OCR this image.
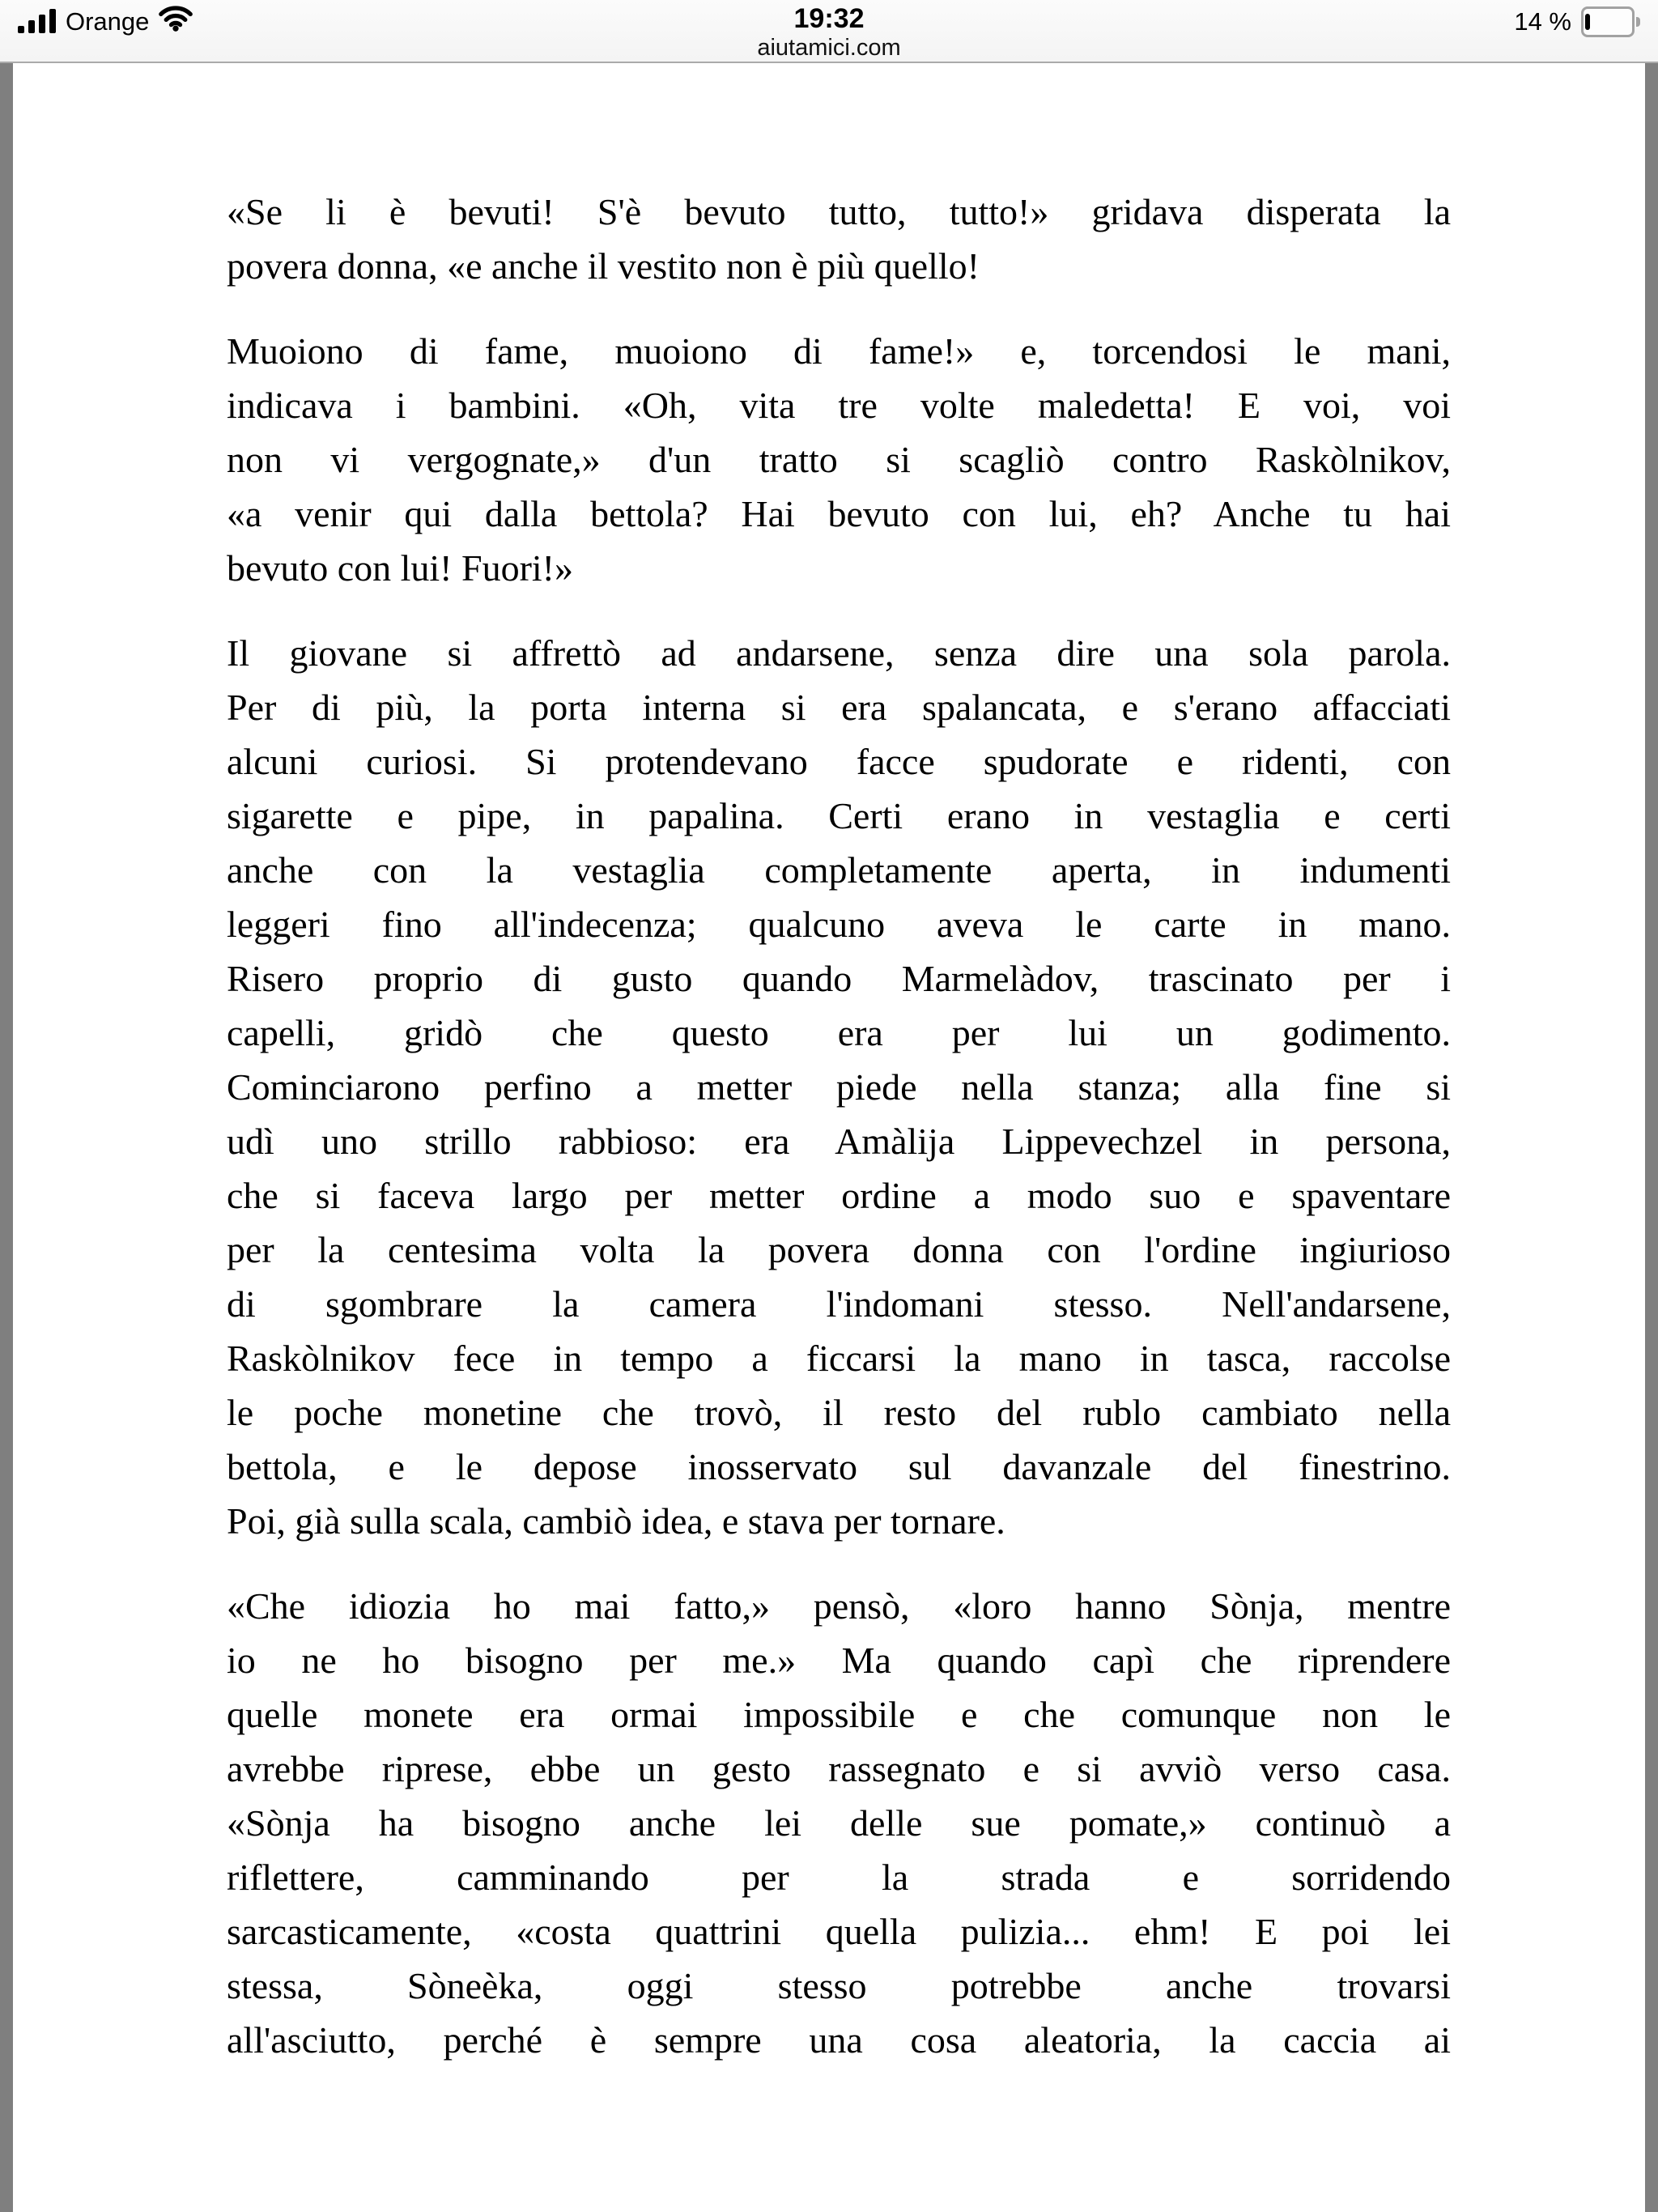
Orange	19:32
aiutamici.com
14 %
«Se li è bevuti! S'è bevuto tutto, tutto!» gridava disperata la
povera donna, «e anche il vestito non è più quello!
Muoiono di fame, muoiono di fame!» e, torcendosi le mani,
indicava i bambini. «Oh, vita tre volte maledetta! E voi, voi
non vi vergognate,» d'un tratto si scagliò contro Raskòlnikov,
«a venir qui dalla bettola? Hai bevuto con lui, eh? Anche tu hai
bevuto con lui! Fuori!»
Il giovane si affrettò ad andarsene, senza dire una sola parola.
Per di più, la porta interna si era spalancata, e s'erano affacciati
alcuni curiosi. Si protendevano facce spudorate e ridenti, con
sigarette e pipe, in papalina. Certi erano in vestaglia e certi
anche con la vestaglia completamente aperta, in indumenti
leggeri fino all'indecenza; qualcuno aveva le carte in mano.
Risero proprio di gusto quando Marmelàdov, trascinato per i
capelli, gridò che questo era per lui un godimento.
Cominciarono perfino a metter piede nella stanza; alla fine si
udì uno strillo rabbioso: era Amàlija Lippevechzel in persona,
che si faceva largo per metter ordine a modo suo e spaventare
per la centesima volta la povera donna con l'ordine ingiurioso
di sgombrare la camera l'indomani stesso. Nell'andarsene,
Raskòlnikov fece in tempo a ficcarsi la mano in tasca, raccolse
le poche monetine che trovò, il resto del rublo cambiato nella
bettola, e le depose inosservato sul davanzale del finestrino.
Poi, già sulla scala, cambiò idea, e stava per tornare.
«Che idiozia ho mai fatto,» pensò, «loro hanno Sònja, mentre
io ne ho bisogno per me.» Ma quando capì che riprendere
quelle monete era ormai impossibile e che comunque non le
avrebbe riprese, ebbe un gesto rassegnato e si avviò verso casa.
«Sònja ha bisogno anche lei delle sue pomate,» continuò a
riflettere, camminando per la strada e sorridendo
sarcasticamente, «costa quattrini quella pulizia... ehm! E poi lei
stessa, Sòneèka, oggi stesso potrebbe anche trovarsi
all'asciutto, perché è sempre una cosa aleatoria, la caccia ai
